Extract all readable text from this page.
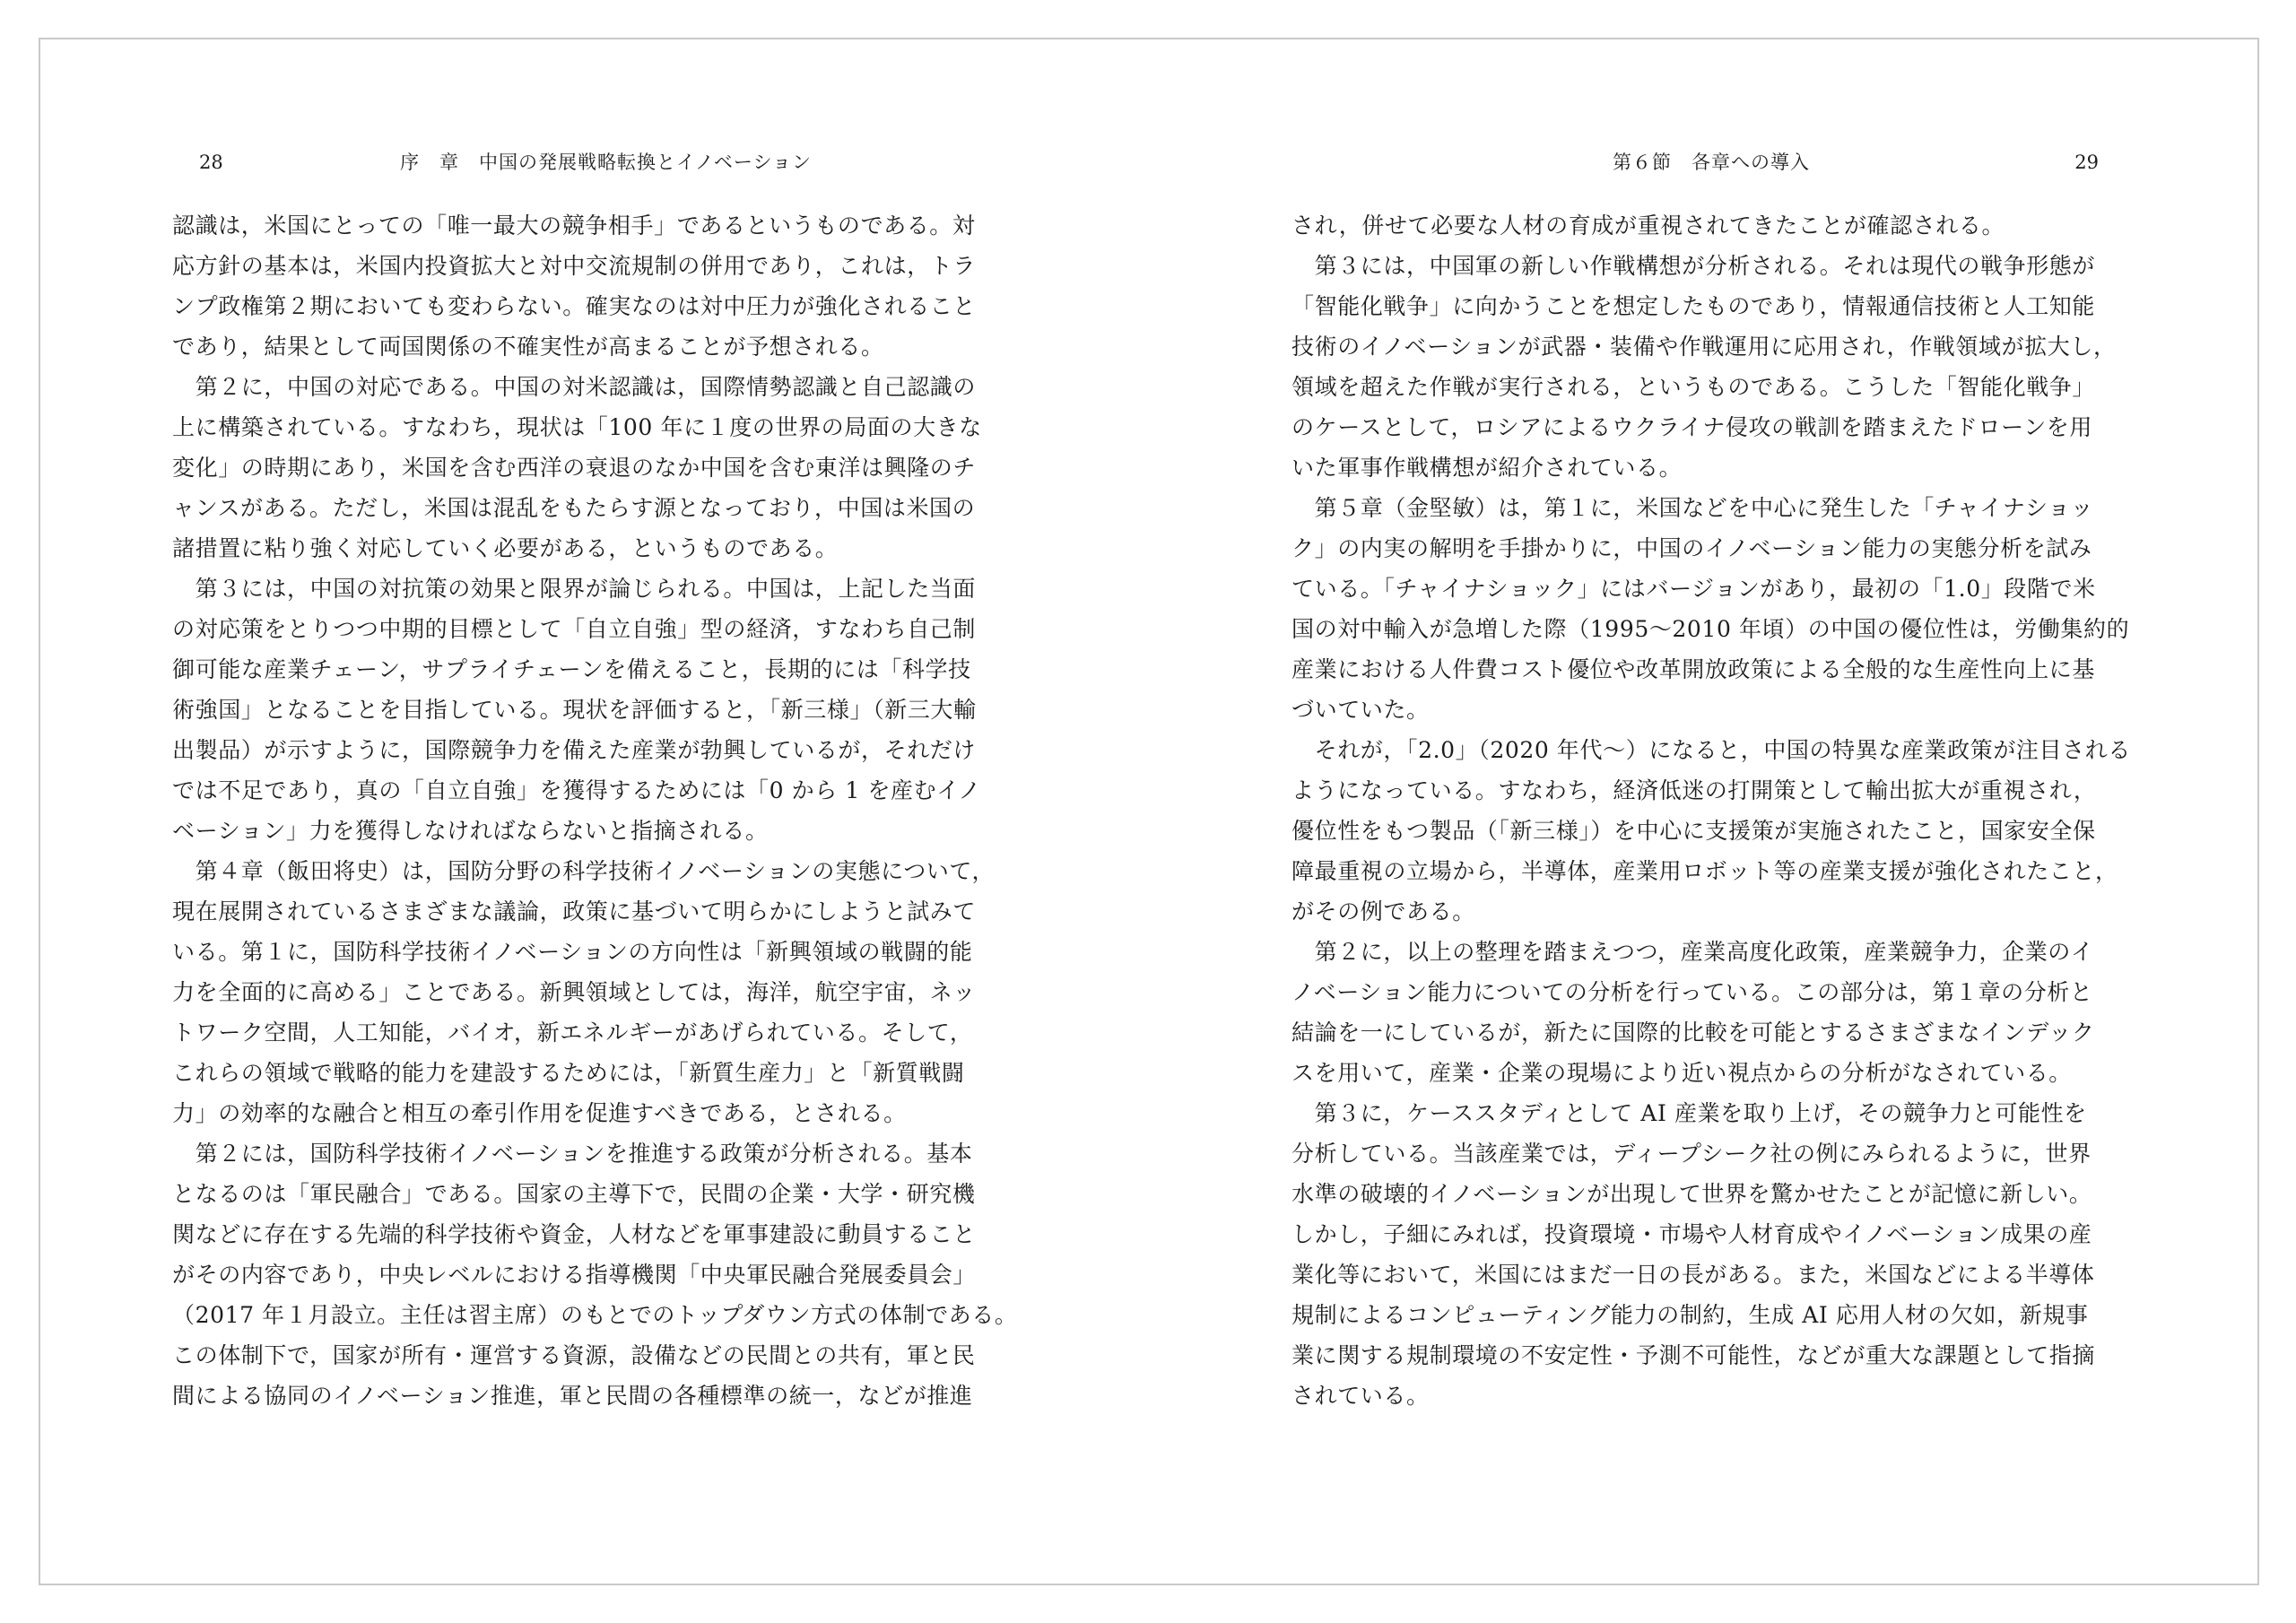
28	序　章　中国の発展戦略転換とイノベーション
認識は，米国にとっての「唯一最大の競争相手」であるというものである。対
応方針の基本は，米国内投資拡大と対中交流規制の併用であり，これは，トラ
ンプ政権第２期においても変わらない。確実なのは対中圧力が強化されること
であり，結果として両国関係の不確実性が高まることが予想される。
　第２に，中国の対応である。中国の対米認識は，国際情勢認識と自己認識の
上に構築されている。すなわち，現状は「100 年に１度の世界の局面の大きな
変化」の時期にあり，米国を含む西洋の衰退のなか中国を含む東洋は興隆のチ
ャンスがある。ただし，米国は混乱をもたらす源となっており，中国は米国の
諸措置に粘り強く対応していく必要がある，というものである。
　第３には，中国の対抗策の効果と限界が論じられる。中国は，上記した当面
の対応策をとりつつ中期的目標として「自立自強」型の経済，すなわち自己制
御可能な産業チェーン，サプライチェーンを備えること，長期的には「科学技
術強国」となることを目指している。現状を評価すると，「新三様」（新三大輸
出製品）が示すように，国際競争力を備えた産業が勃興しているが，それだけ
では不足であり，真の「自立自強」を獲得するためには「0 から 1 を産むイノ
ベーション」力を獲得しなければならないと指摘される。
　第４章（飯田将史）は，国防分野の科学技術イノベーションの実態について，
現在展開されているさまざまな議論，政策に基づいて明らかにしようと試みて
いる。第１に，国防科学技術イノベーションの方向性は「新興領域の戦闘的能
力を全面的に高める」ことである。新興領域としては，海洋，航空宇宙，ネッ
トワーク空間，人工知能，バイオ，新エネルギーがあげられている。そして，
これらの領域で戦略的能力を建設するためには，「新質生産力」と「新質戦闘
力」の効率的な融合と相互の牽引作用を促進すべきである，とされる。
　第２には，国防科学技術イノベーションを推進する政策が分析される。基本
となるのは「軍民融合」である。国家の主導下で，民間の企業・大学・研究機
関などに存在する先端的科学技術や資金，人材などを軍事建設に動員すること
がその内容であり，中央レベルにおける指導機関「中央軍民融合発展委員会」
（2017 年１月設立。主任は習主席）のもとでのトップダウン方式の体制である。
この体制下で，国家が所有・運営する資源，設備などの民間との共有，軍と民
間による協同のイノベーション推進，軍と民間の各種標準の統一，などが推進
第６節　各章への導入	29
され，併せて必要な人材の育成が重視されてきたことが確認される。
　第３には，中国軍の新しい作戦構想が分析される。それは現代の戦争形態が
「智能化戦争」に向かうことを想定したものであり，情報通信技術と人工知能
技術のイノベーションが武器・装備や作戦運用に応用され，作戦領域が拡大し，
領域を超えた作戦が実行される，というものである。こうした「智能化戦争」
のケースとして，ロシアによるウクライナ侵攻の戦訓を踏まえたドローンを用
いた軍事作戦構想が紹介されている。
　第５章（金堅敏）は，第１に，米国などを中心に発生した「チャイナショッ
ク」の内実の解明を手掛かりに，中国のイノベーション能力の実態分析を試み
ている。「チャイナショック」にはバージョンがあり，最初の「1.0」段階で米
国の対中輸入が急増した際（1995〜2010 年頃）の中国の優位性は，労働集約的
産業における人件費コスト優位や改革開放政策による全般的な生産性向上に基
づいていた。
　それが，「2.0」（2020 年代〜）になると，中国の特異な産業政策が注目される
ようになっている。すなわち，経済低迷の打開策として輸出拡大が重視され，
優位性をもつ製品（「新三様」）を中心に支援策が実施されたこと，国家安全保
障最重視の立場から，半導体，産業用ロボット等の産業支援が強化されたこと，
がその例である。
　第２に，以上の整理を踏まえつつ，産業高度化政策，産業競争力，企業のイ
ノベーション能力についての分析を行っている。この部分は，第１章の分析と
結論を一にしているが，新たに国際的比較を可能とするさまざまなインデック
スを用いて，産業・企業の現場により近い視点からの分析がなされている。
　第３に，ケーススタディとして AI 産業を取り上げ，その競争力と可能性を
分析している。当該産業では，ディープシーク社の例にみられるように，世界
水準の破壊的イノベーションが出現して世界を驚かせたことが記憶に新しい。
しかし，子細にみれば，投資環境・市場や人材育成やイノベーション成果の産
業化等において，米国にはまだ一日の長がある。また，米国などによる半導体
規制によるコンピューティング能力の制約，生成 AI 応用人材の欠如，新規事
業に関する規制環境の不安定性・予測不可能性，などが重大な課題として指摘
されている。
